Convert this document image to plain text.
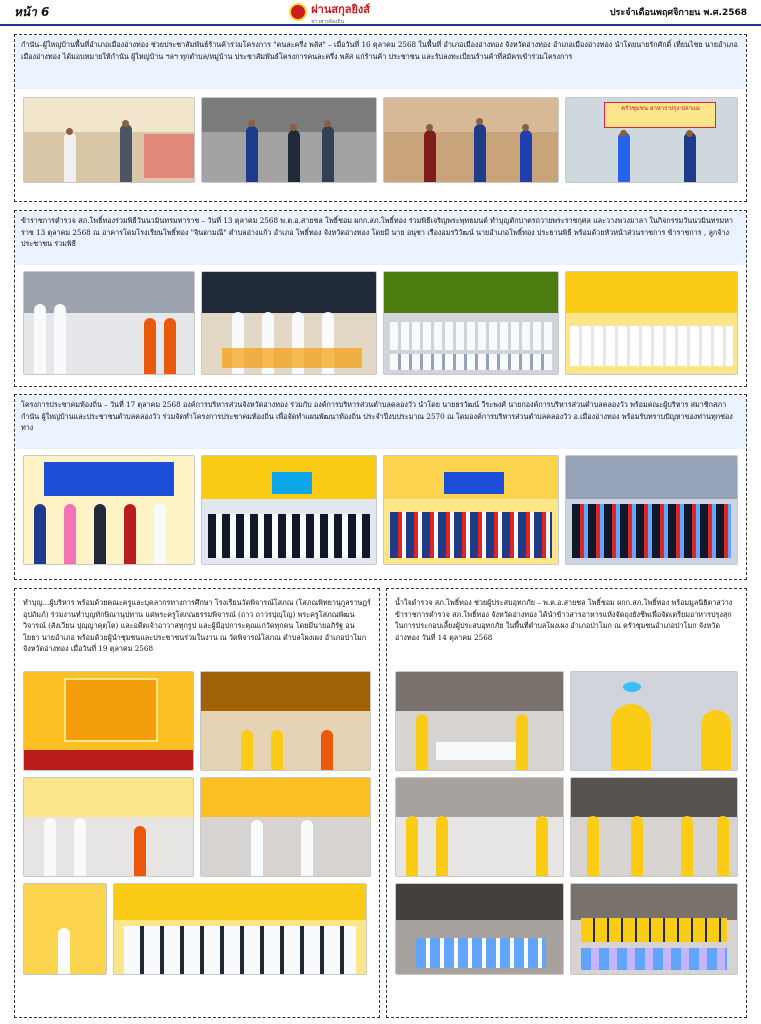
หน้า 6	ผ่านสกุลยิงส์
ข่าวสารท้องถิ่น
ประจำเดือนพฤศจิกายน พ.ศ.2568

กำนัน–ผู้ใหญ่บ้านพื้นที่อำเภอเมืองอ่างทอง ช่วยประชาสัมพันธ์ร้านค้าร่วมโครงการ "คนละครึ่ง พลัส" – เมื่อวันที่ 16 ตุลาคม 2568 ในพื้นที่ อำเภอเมืองอ่างทอง จังหวัดอ่างทอง อำเภอเมืองอ่างทอง นำโดยนายรักศักดิ์ เที่ยนไชย นายอำเภอเมืองอ่างทอง ได้มอบหมายให้กำนัน ผู้ใหญ่บ้าน ฯลฯ ทุกตำบล/หมู่บ้าน ประชาสัมพันธ์โครงการคนละครึ่ง พลัส แก่ร้านค้า ประชาชน และรับลงทะเบียนร้านค้าที่สมัครเข้าร่วมโครงการ

ครัวชุมชน อาหาร·ปรุง·ปลาแม่

ข้าราชการตำรวจ สภ.โพธิ์ทองร่วมพิธีวันนวมินทรมหาราช – วันที่ 13 ตุลาคม 2568 พ.ต.อ.สายชล โพธิ์ชอม ผกก.สภ.โพธิ์ทอง ร่วมพิธีเจริญพระพุทธมนต์ ทำบุญตักบาตรถวายพระราชกุศล และวางพวงมาลา ในกิจกรรมวันนวมินทรมหาราช 13 ตุลาคม 2568 ณ อาคารโดมโรงเรียนโพธิ์ทอง "จินดามณี" ตำบลอ่างแก้ว อำเภอ โพธิ์ทอง จังหวัดอ่างทอง โดยมี นาย อนุชา เรืองอมรวิวัฒน์ นายอำเภอโพธิ์ทอง ประธานพิธี พร้อมด้วยหัวหน้าส่วนราชการ ข้าราชการ , ลูกจ้าง ประชาชน ร่วมพิธี

โครงการประชาคมท้องถิ่น – วันที่ 17 ตุลาคม 2568 องค์การบริหารส่วนจังหวัดอ่างทอง ร่วมกับ องค์การบริหารส่วนตำบลคลองวัว นำโดย นายธรวัฒน์ วีระพงศ์ นายกองค์การบริหารส่วนตำบลคลองวัว พร้อมคณะผู้บริหาร สมาชิกสภา กำนัน ผู้ใหญ่บ้านและประชาชนตำบลคลองวัว ร่วมจัดทำโครงการประชาคมท้องถิ่น เพื่อจัดทำแผนพัฒนาท้องถิ่น ประจำปีงบประมาณ 2570 ณ โดมองค์การบริหารส่วนตำบลคลองวัว อ.เมืองอ่างทอง พร้อมรับทราบปัญหาของท่านทุกช่องทาง

ทำบุญ...ผู้บริหาร พร้อมด้วยคณะครูและบุคลากรทางการศึกษา โรงเรียนวัดพิจารณ์โสภณ (โสภณพิทยานุกูลราษฎร์อุปถัมภ์) ร่วมงานทำบุญทักษิณานุปทาน แด่พระครูโสภณธรรมพิจารณ์ (ถาว ถาวรปุญฺโญ) พระครูโสภณพัฒนวิจารณ์ (สังเวียน ปุญฺญาคุตฺโต) และอดีตเจ้าอาวาสทุกรูป และผู้มีอุปการะคุณแก่วัดทุกคน โดยมีนายอภิรัฐ อนโยธา นายอำเภอ พร้อมด้วยผู้นำชุมชนและประชาชนร่วมในงาน ณ วัดพิจารณ์โสภณ ตำบลโผงเผง อำเภอป่าโมก จังหวัดอ่างทอง เมื่อวันที่ 19 ตุลาคม 2568

น้ำใจตำรวจ สภ.โพธิ์ทอง ช่วยผู้ประสบอุทกภัย – พ.ต.อ.สายชล โพธิ์ชอม ผกก.สภ.โพธิ์ทอง พร้อมมูลนิธิตาสว่าง ข้าราชการตำรวจ สภ.โพธิ์ทอง จังหวัดอ่างทอง ได้นำข้าวสารอาหารแห้งจัดถุงยังชีพเพื่อจัดเตรียมอาหารปรุงสุก ในการประกอบเลี้ยงผู้ประสบอุทกภัย ในพื้นที่ตำบลโผงเผง อำเภอป่าโมก ณ ครัวชุมชนอำเภอป่าโมก จังหวัดอ่างทอง วันที่ 14 ตุลาคม 2568
